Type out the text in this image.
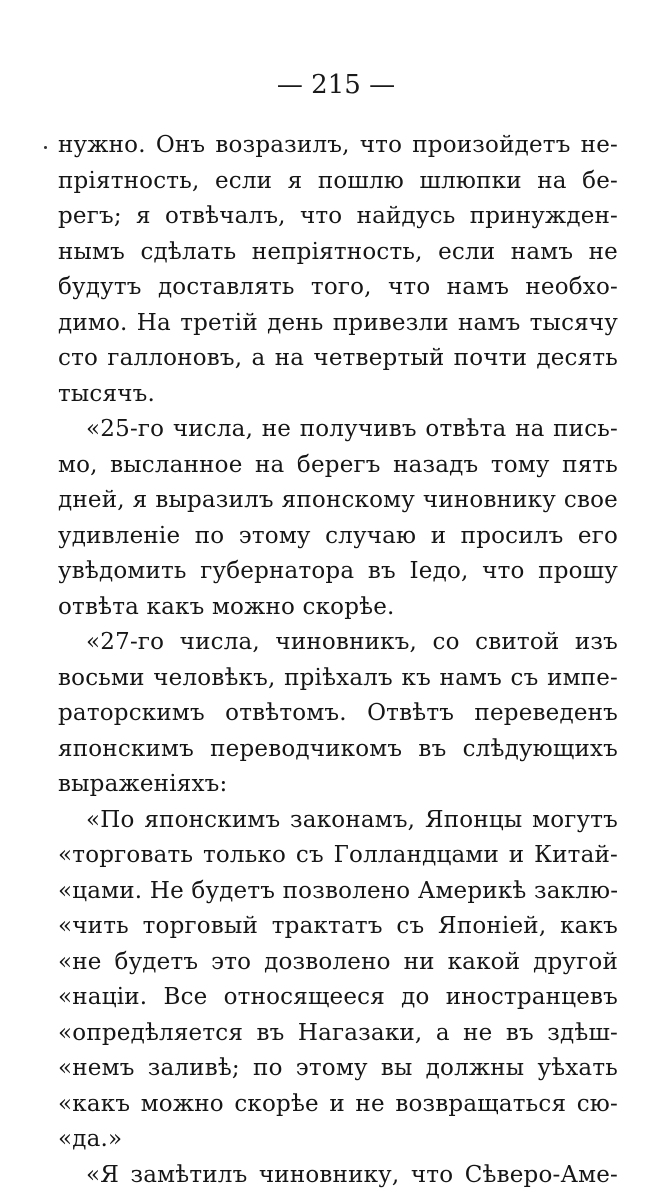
— 215 —
нужно. Онъ возразилъ, что произойдетъ не-
пріятность, если я пошлю шлюпки на бе-
регъ; я отвѣчалъ, что найдусь принужден-
нымъ сдѣлать непріятность, если намъ не
будутъ доставлять того, что намъ необхо-
димо. На третій день привезли намъ тысячу
сто галлоновъ, а на четвертый почти десять
тысячъ.
«25-го числа, не получивъ отвѣта на пись-
мо, высланное на берегъ назадъ тому пять
дней, я выразилъ японскому чиновнику свое
удивленіе по этому случаю и просилъ его
увѣдомить губернатора въ Іедо, что прошу
отвѣта какъ можно скорѣе.
«27-го числа, чиновникъ, со свитой изъ
восьми человѣкъ, пріѣхалъ къ намъ съ импе-
раторскимъ отвѣтомъ. Отвѣтъ переведенъ
японскимъ переводчикомъ въ слѣдующихъ
выраженіяхъ:
«По японскимъ законамъ, Японцы могутъ
«торговать только съ Голландцами и Китай-
«цами. Не будетъ позволено Америкѣ заклю-
«чить торговый трактатъ съ Японіей, какъ
«не будетъ это дозволено ни какой другой
«націи. Все относящееся до иностранцевъ
«опредѣляется въ Нагазаки, а не въ здѣш-
«немъ заливѣ; по этому вы должны уѣхать
«какъ можно скорѣе и не возвращаться сю-
«да.»
«Я замѣтилъ чиновнику, что Сѣверо-Аме-
